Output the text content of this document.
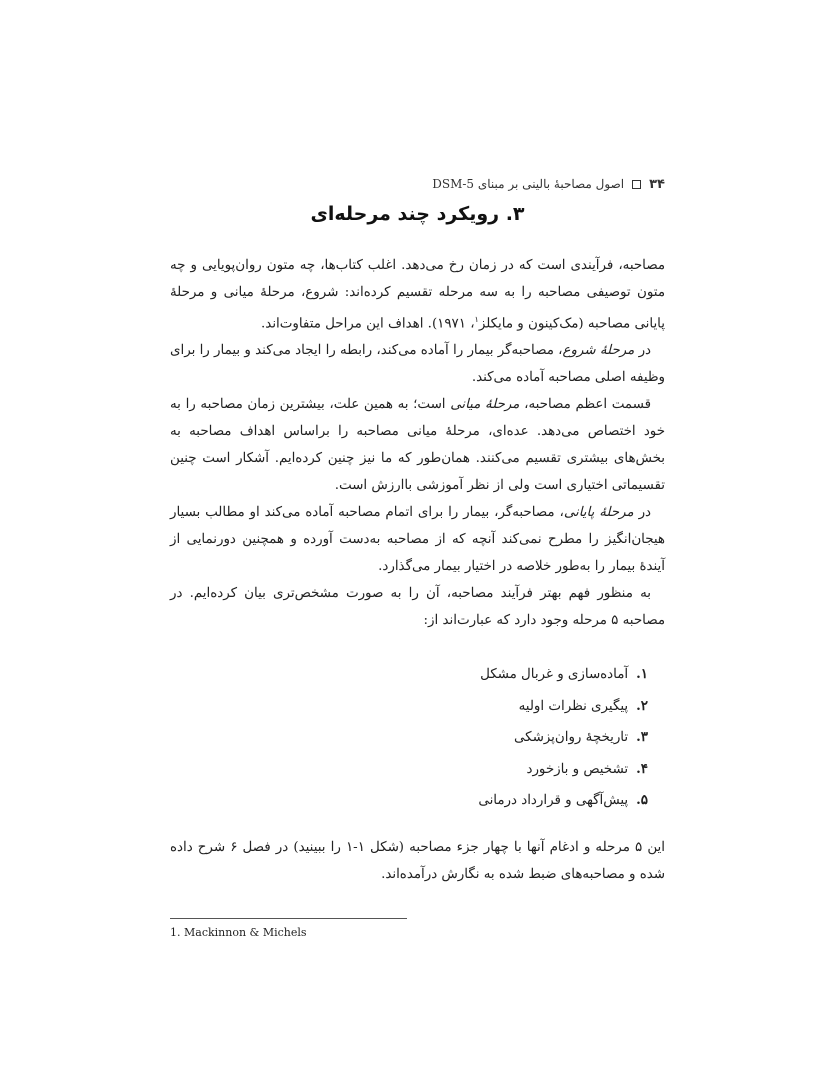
۳۴
اصول مصاحبهٔ بالینی بر مبنای DSM-5
۳. رویکرد چند مرحله‌ای

مصاحبه، فرآیندی است که در زمان رخ می‌دهد. اغلب کتاب‌ها، چه متون روان‌پویایی و چه متون توصیفی مصاحبه را به سه مرحله تقسیم کرده‌اند: شروع، مرحلهٔ میانی و مرحلهٔ پایانی مصاحبه (مک‌کینون و مایکلز$^۱$، ۱۹۷۱). اهداف این مراحل متفاوت‌اند.

در مرحلهٔ شروع، مصاحبه‌گر بیمار را آماده می‌کند، رابطه را ایجاد می‌کند و بیمار را برای وظیفه اصلی مصاحبه آماده می‌کند.

قسمت اعظم مصاحبه، مرحلهٔ میانی است؛ به همین علت، بیشترین زمان مصاحبه را به خود اختصاص می‌دهد. عده‌ای، مرحلهٔ میانی مصاحبه را براساس اهداف مصاحبه به بخش‌های بیشتری تقسیم می‌کنند. همان‌طور که ما نیز چنین کرده‌ایم. آشکار است چنین تقسیماتی اختیاری است ولی از نظر آموزشی باارزش است.

در مرحلهٔ پایانی، مصاحبه‌گر، بیمار را برای اتمام مصاحبه آماده می‌کند او مطالب بسیار هیجان‌انگیز را مطرح نمی‌کند آنچه که از مصاحبه به‌دست آورده و همچنین دورنمایی از آیندهٔ بیمار را به‌طور خلاصه در اختیار بیمار می‌گذارد.

به منظور فهم بهتر فرآیند مصاحبه، آن را به صورت مشخص‌تری بیان کرده‌ایم. در مصاحبه ۵ مرحله وجود دارد که عبارت‌اند از:

۱.
آماده‌سازی و غربال مشکل
۲.
پیگیری نظرات اولیه
۳.
تاریخچهٔ روان‌پزشکی
۴.
تشخیص و بازخورد
۵.
پیش‌آگهی و قرارداد درمانی

این ۵ مرحله و ادغام آنها با چهار جزء مصاحبه (شکل ۱-۱ را ببینید) در فصل ۶ شرح داده شده و مصاحبه‌های ضبط شده به نگارش درآمده‌اند.

1. Mackinnon & Michels
